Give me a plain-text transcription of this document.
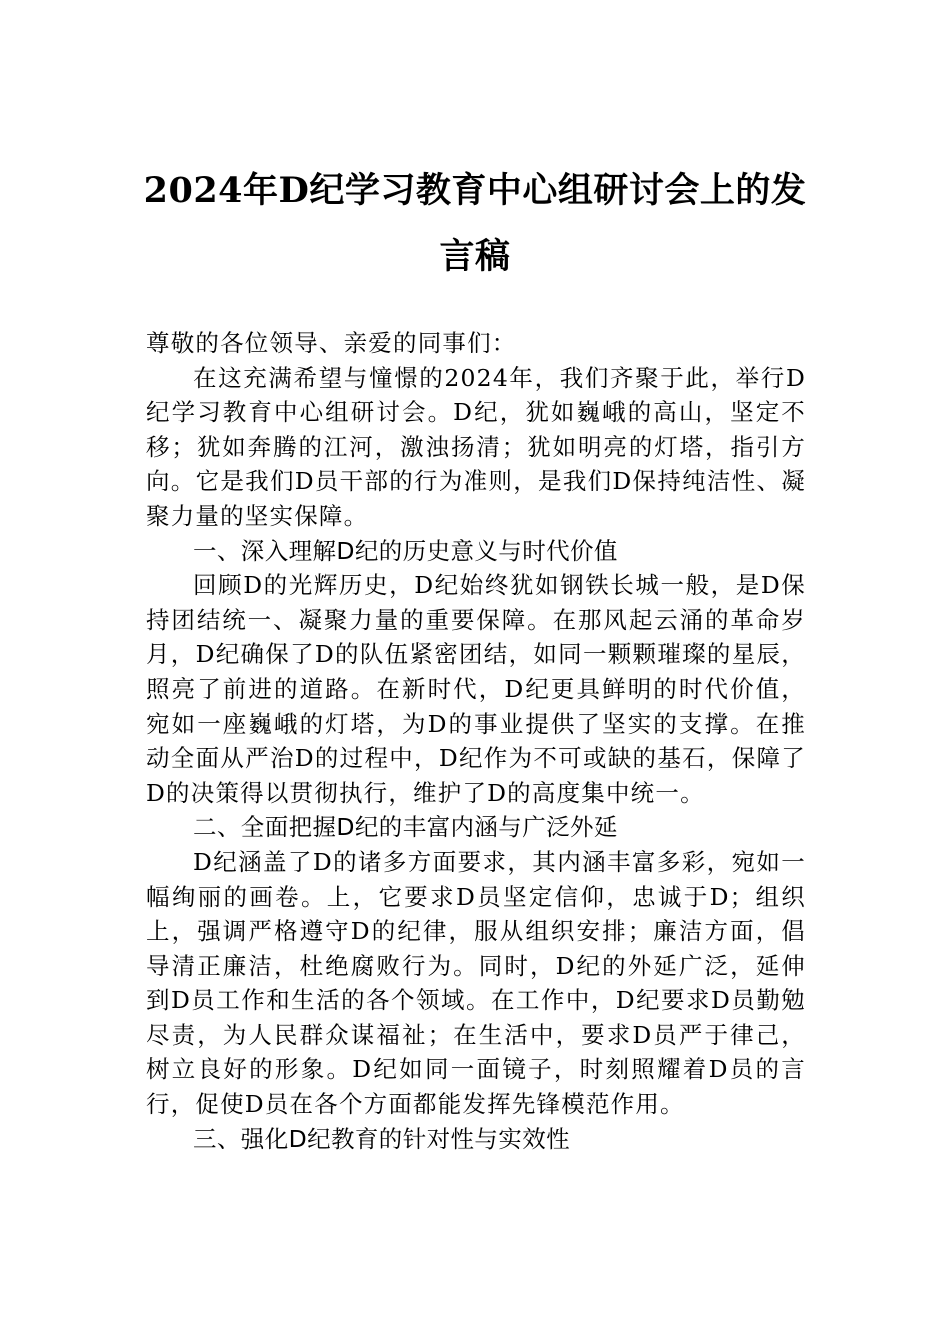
2024年D纪学习教育中心组研讨会上的发言稿

尊敬的各位领导、亲爱的同事们：

在这充满希望与憧憬的2024年，我们齐聚于此，举行D纪学习教育中心组研讨会。D纪，犹如巍峨的高山，坚定不移；犹如奔腾的江河，激浊扬清；犹如明亮的灯塔，指引方向。它是我们D员干部的行为准则，是我们D保持纯洁性、凝聚力量的坚实保障。

一、深入理解D纪的历史意义与时代价值

回顾D的光辉历史，D纪始终犹如钢铁长城一般，是D保持团结统一、凝聚力量的重要保障。在那风起云涌的革命岁月，D纪确保了D的队伍紧密团结，如同一颗颗璀璨的星辰，照亮了前进的道路。在新时代，D纪更具鲜明的时代价值，宛如一座巍峨的灯塔，为D的事业提供了坚实的支撑。在推动全面从严治D的过程中，D纪作为不可或缺的基石，保障了D的决策得以贯彻执行，维护了D的高度集中统一。

二、全面把握D纪的丰富内涵与广泛外延

D纪涵盖了D的诸多方面要求，其内涵丰富多彩，宛如一幅绚丽的画卷。上，它要求D员坚定信仰，忠诚于D；组织上，强调严格遵守D的纪律，服从组织安排；廉洁方面，倡导清正廉洁，杜绝腐败行为。同时，D纪的外延广泛，延伸到D员工作和生活的各个领域。在工作中，D纪要求D员勤勉尽责，为人民群众谋福祉；在生活中，要求D员严于律己，树立良好的形象。D纪如同一面镜子，时刻照耀着D员的言行，促使D员在各个方面都能发挥先锋模范作用。

三、强化D纪教育的针对性与实效性
